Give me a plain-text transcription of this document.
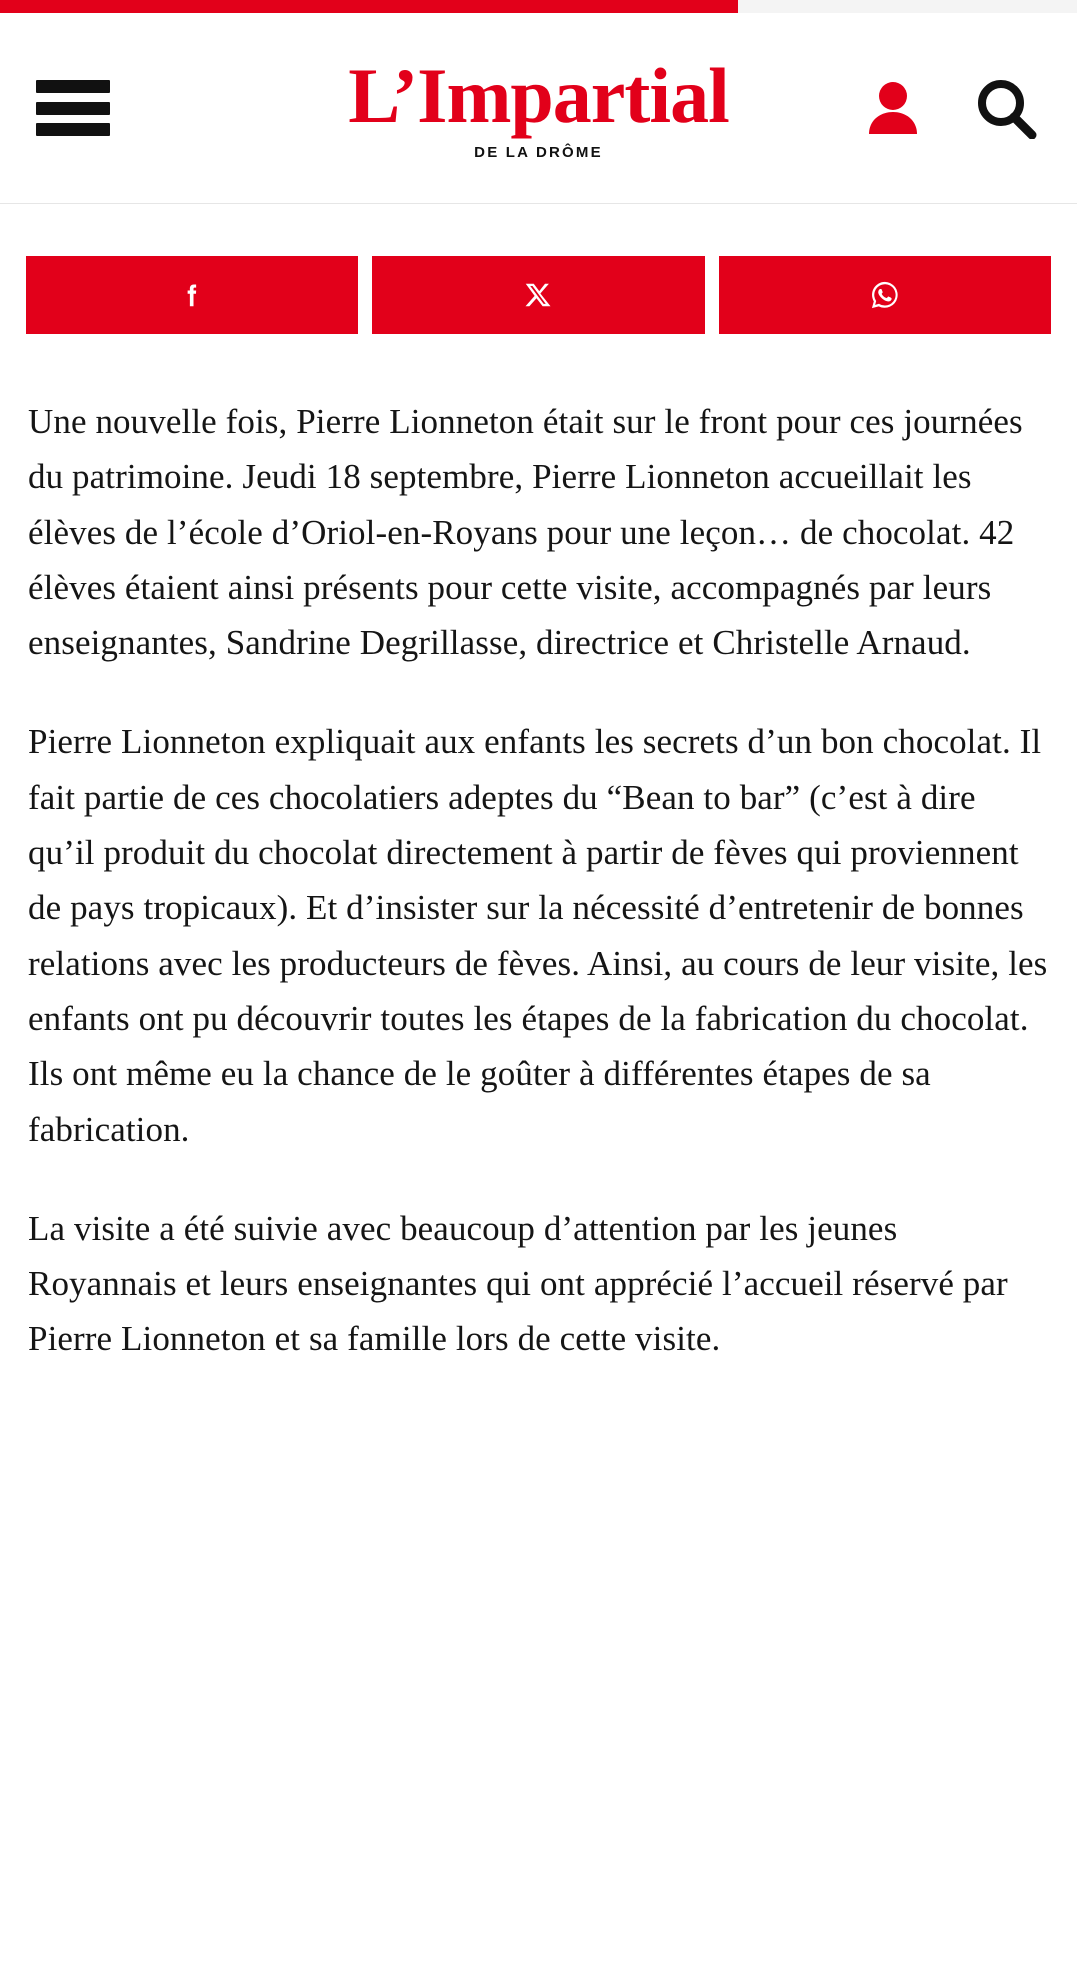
L’Impartial
DE LA DRÔME

Une nouvelle fois, Pierre Lionneton était sur le front pour ces journées du patrimoine. Jeudi 18 septembre, Pierre Lionneton accueillait les élèves de l’école d’Oriol-en-Royans pour une leçon… de chocolat. 42 élèves étaient ainsi présents pour cette visite, accompagnés par leurs enseignantes, Sandrine Degrillasse, directrice et Christelle Arnaud.

Pierre Lionneton expliquait aux enfants les secrets d’un bon chocolat. Il fait partie de ces chocolatiers adeptes du “Bean to bar” (c’est à dire qu’il produit du chocolat directement à partir de fèves qui proviennent de pays tropicaux). Et d’insister sur la nécessité d’entretenir de bonnes relations avec les producteurs de fèves. Ainsi, au cours de leur visite, les enfants ont pu découvrir toutes les étapes de la fabrication du chocolat. Ils ont même eu la chance de le goûter à différentes étapes de sa fabrication.

La visite a été suivie avec beaucoup d’attention par les jeunes Royannais et leurs enseignantes qui ont apprécié l’accueil réservé par Pierre Lionneton et sa famille lors de cette visite.
